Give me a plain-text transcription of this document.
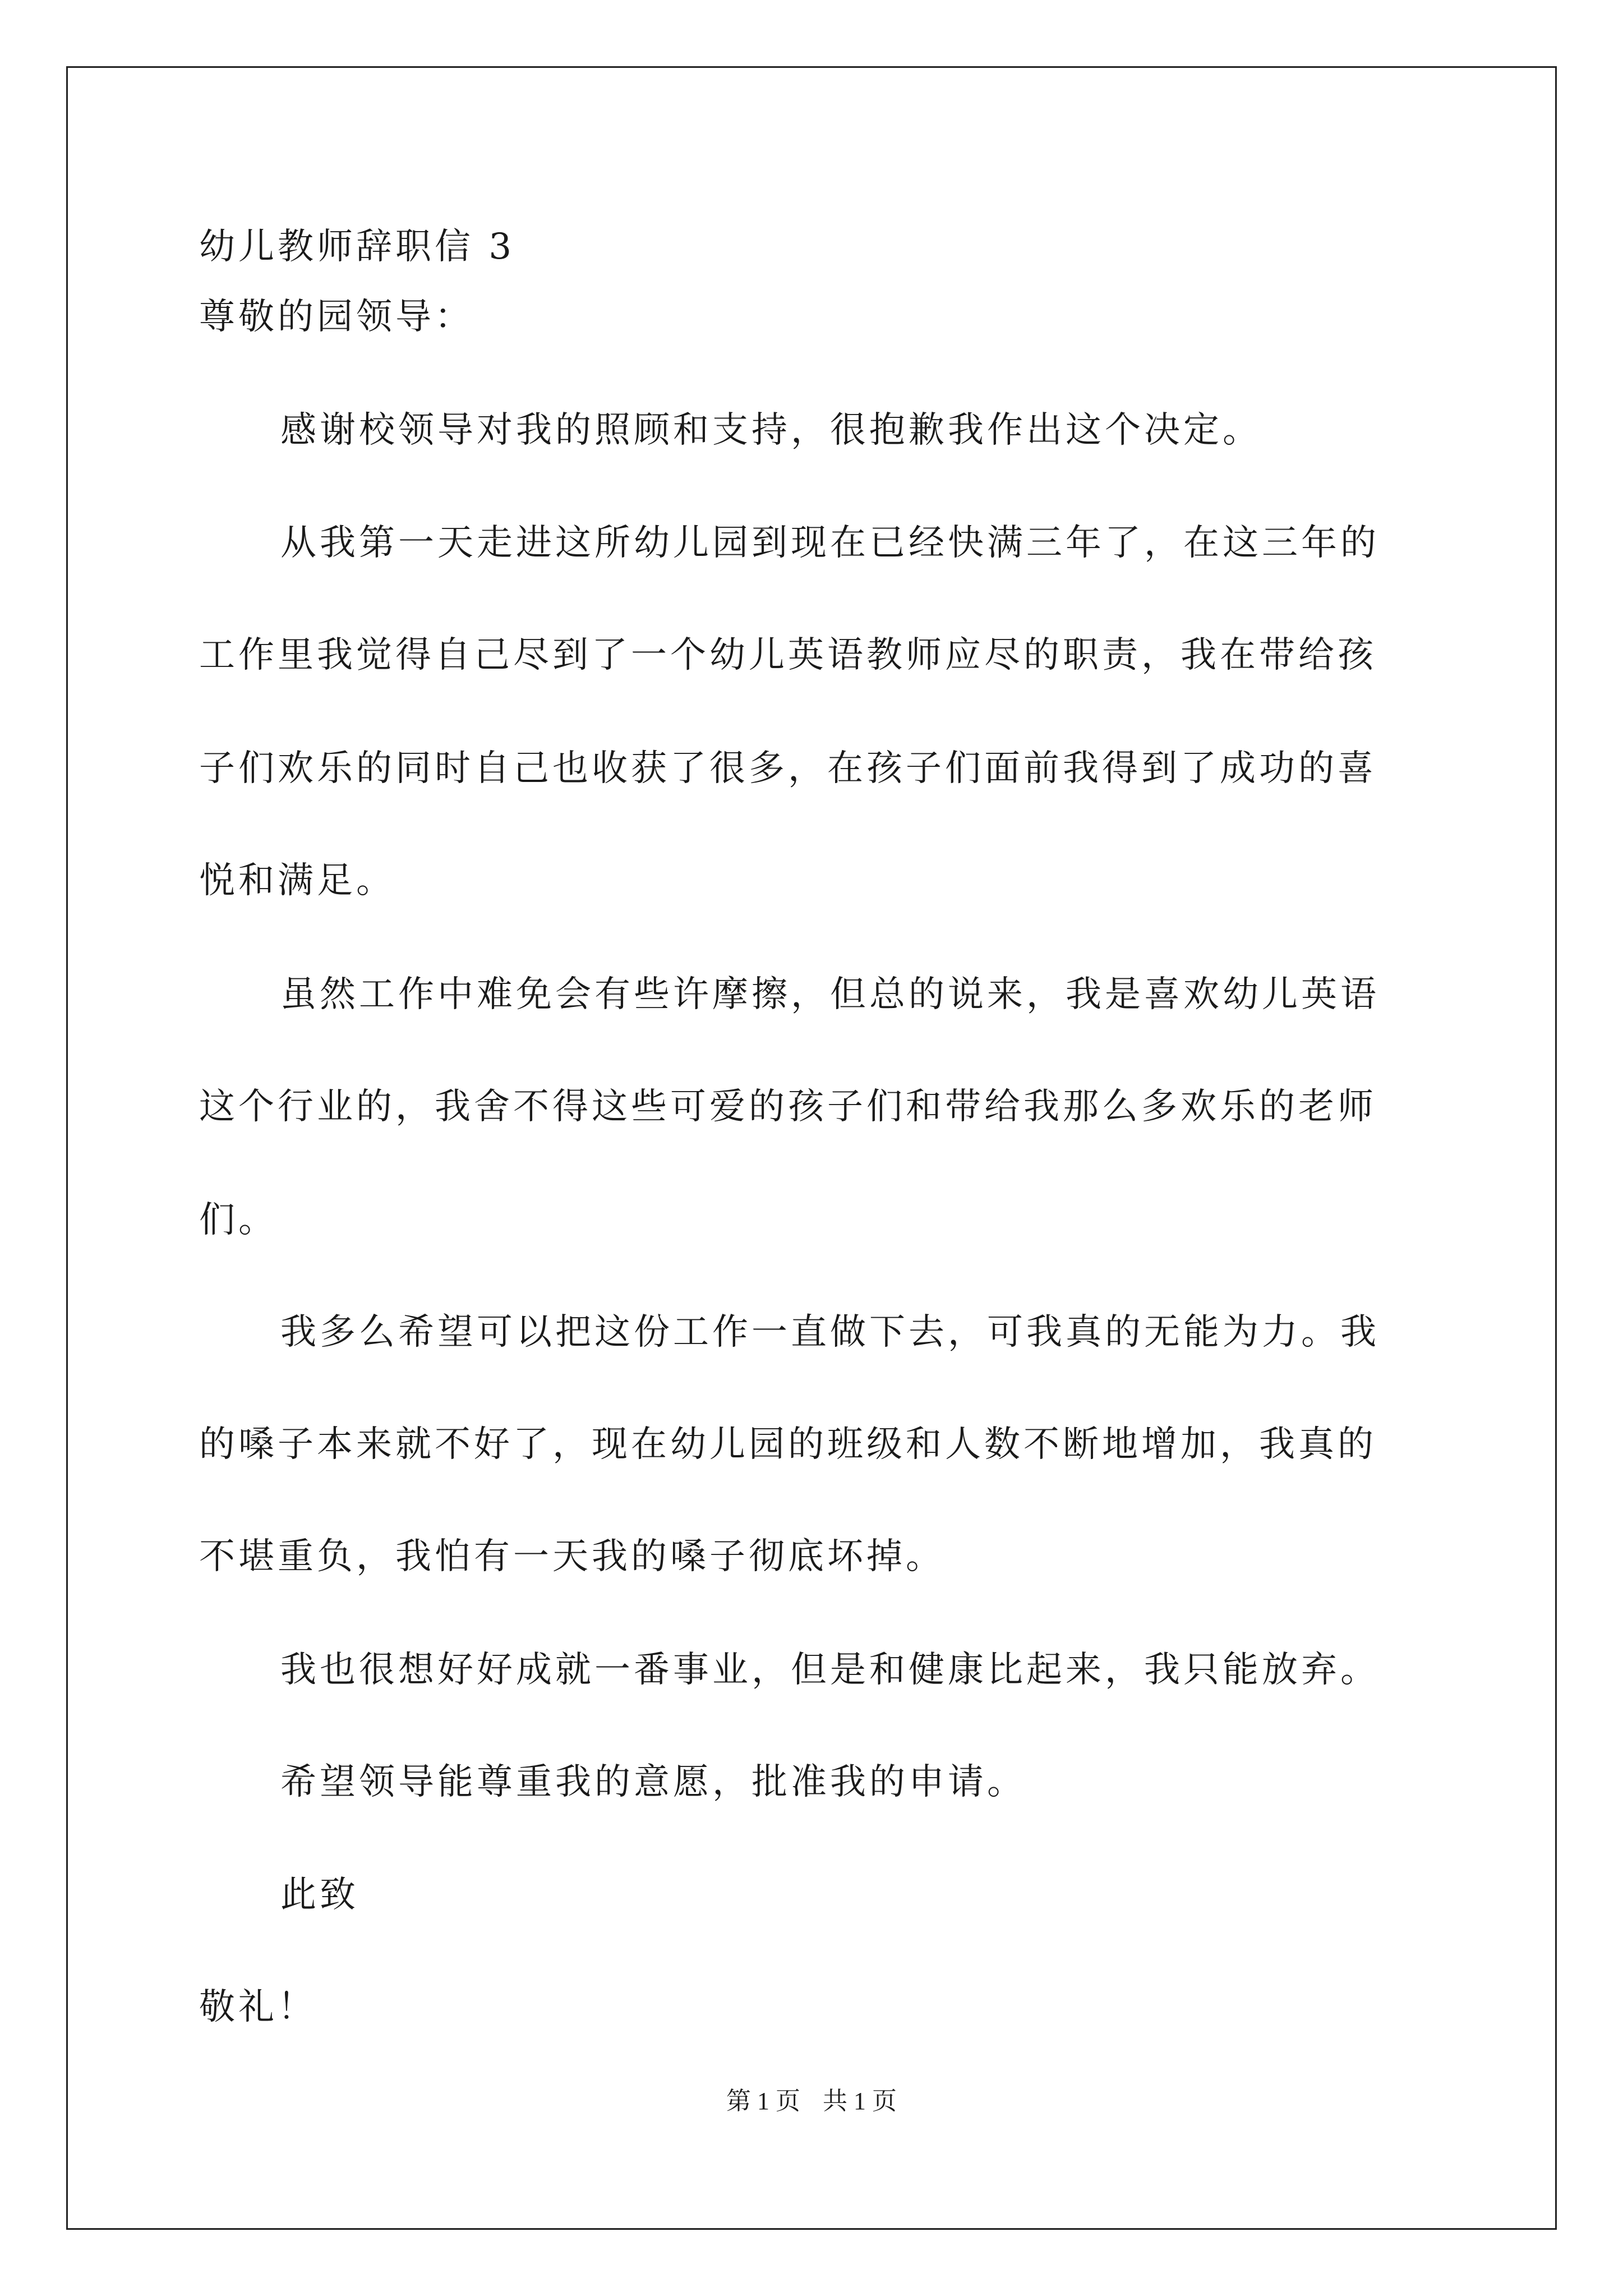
幼儿教师辞职信 3
尊敬的园领导：
感谢校领导对我的照顾和支持，很抱歉我作出这个决定。
从我第一天走进这所幼儿园到现在已经快满三年了，在这三年的
工作里我觉得自己尽到了一个幼儿英语教师应尽的职责，我在带给孩
子们欢乐的同时自己也收获了很多，在孩子们面前我得到了成功的喜
悦和满足。
虽然工作中难免会有些许摩擦，但总的说来，我是喜欢幼儿英语
这个行业的，我舍不得这些可爱的孩子们和带给我那么多欢乐的老师
们。
我多么希望可以把这份工作一直做下去，可我真的无能为力。我
的嗓子本来就不好了，现在幼儿园的班级和人数不断地增加，我真的
不堪重负，我怕有一天我的嗓子彻底坏掉。
我也很想好好成就一番事业，但是和健康比起来，我只能放弃。
希望领导能尊重我的意愿，批准我的申请。
此致
敬礼！
第 1 页 共 1 页
